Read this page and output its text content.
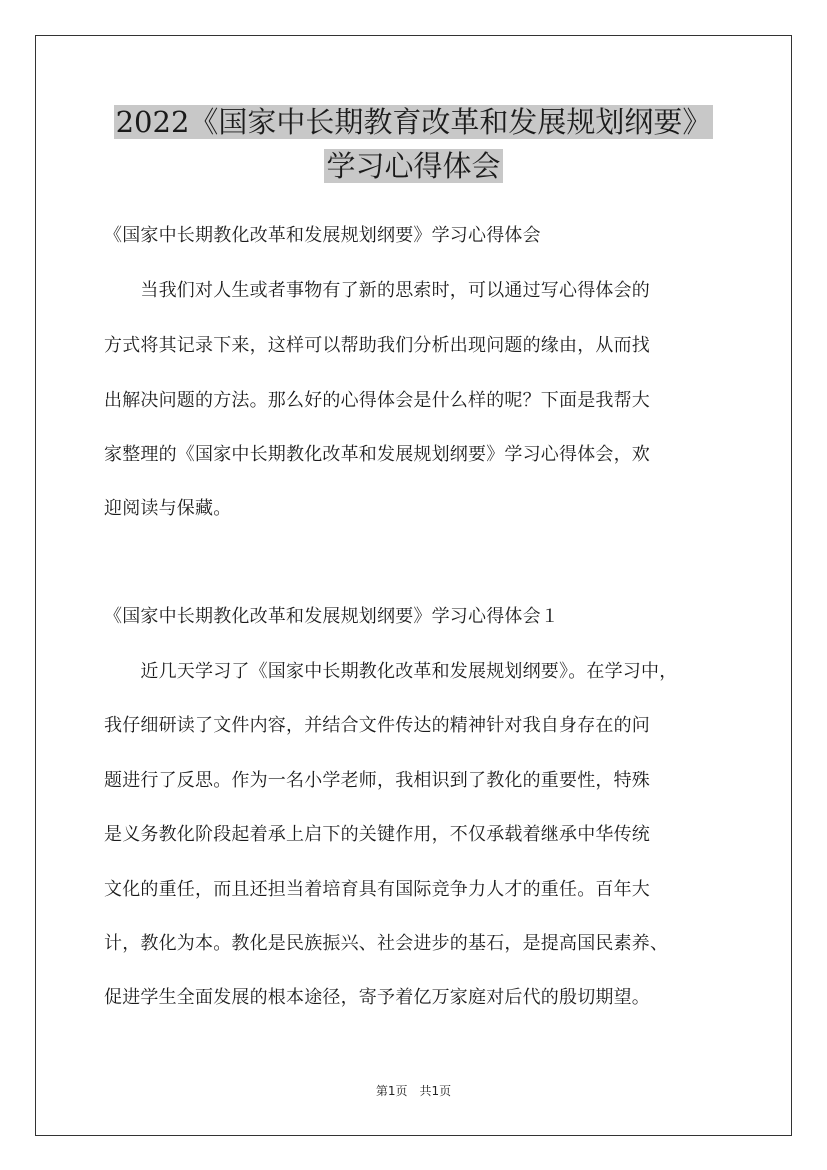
2022《国家中长期教育改革和发展规划纲要》
学习心得体会
《国家中长期教化改革和发展规划纲要》学习心得体会
　　当我们对人生或者事物有了新的思索时，可以通过写心得体会的
方式将其记录下来，这样可以帮助我们分析出现问题的缘由，从而找
出解决问题的方法。那么好的心得体会是什么样的呢？下面是我帮大
家整理的《国家中长期教化改革和发展规划纲要》学习心得体会，欢
迎阅读与保藏。
《国家中长期教化改革和发展规划纲要》学习心得体会１
　　近几天学习了《国家中长期教化改革和发展规划纲要》。在学习中，
我仔细研读了文件内容，并结合文件传达的精神针对我自身存在的问
题进行了反思。作为一名小学老师，我相识到了教化的重要性，特殊
是义务教化阶段起着承上启下的关键作用，不仅承载着继承中华传统
文化的重任，而且还担当着培育具有国际竞争力人才的重任。百年大
计，教化为本。教化是民族振兴、社会进步的基石，是提高国民素养、
促进学生全面发展的根本途径，寄予着亿万家庭对后代的殷切期望。
第1页　共1页
